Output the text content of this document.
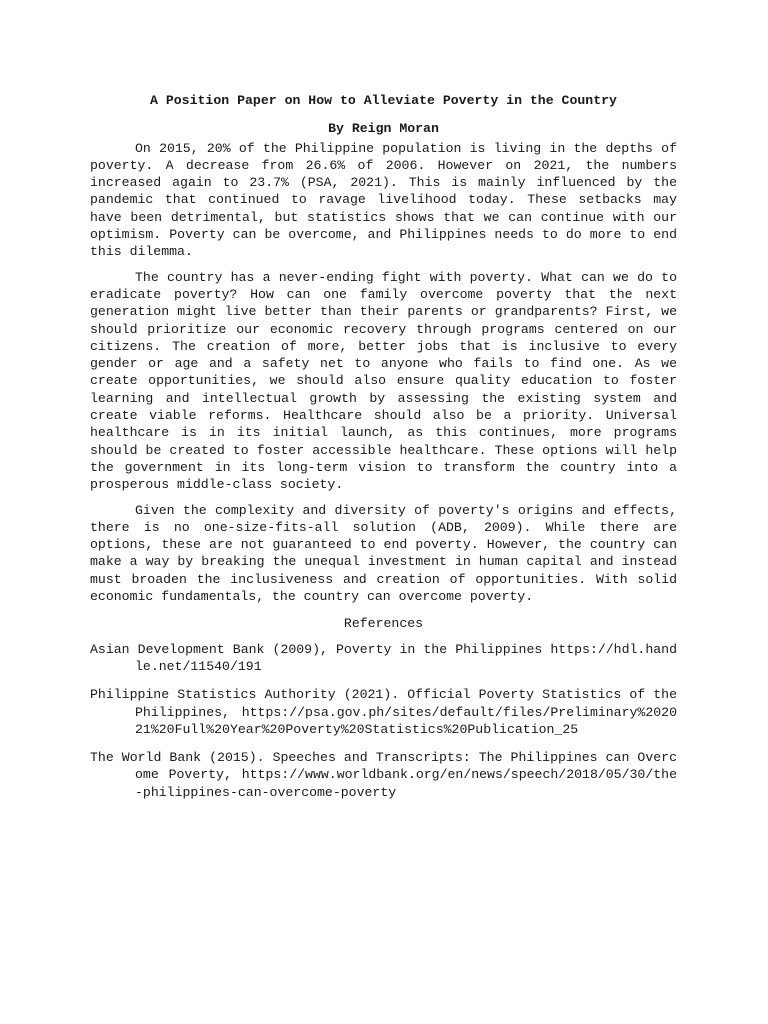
A Position Paper on How to Alleviate Poverty in the Country
By Reign Moran

On 2015, 20% of the Philippine population is living in the depths of poverty. A decrease from 26.6% of 2006. However on 2021, the numbers increased again to 23.7% (PSA, 2021). This is mainly influenced by the pandemic that continued to ravage livelihood today. These setbacks may have been detrimental, but statistics shows that we can continue with our optimism. Poverty can be overcome, and Philippines needs to do more to end this dilemma.

The country has a never-ending fight with poverty. What can we do to eradicate poverty? How can one family overcome poverty that the next generation might live better than their parents or grandparents? First, we should prioritize our economic recovery through programs centered on our citizens. The creation of more, better jobs that is inclusive to every gender or age and a safety net to anyone who fails to find one. As we create opportunities, we should also ensure quality education to foster learning and intellectual growth by assessing the existing system and create viable reforms. Healthcare should also be a priority. Universal healthcare is in its initial launch, as this continues, more programs should be created to foster accessible healthcare. These options will help the government in its long-term vision to transform the country into a prosperous middle-class society.

Given the complexity and diversity of poverty's origins and effects, there is no one-size-fits-all solution (ADB, 2009). While there are options, these are not guaranteed to end poverty. However, the country can make a way by breaking the unequal investment in human capital and instead must broaden the inclusiveness and creation of opportunities. With solid economic fundamentals, the country can overcome poverty.

References

Asian Development Bank (2009), Poverty in the Philippines https://hdl.handle.net/11540/191

Philippine Statistics Authority (2021). Official Poverty Statistics of the Philippines, https://psa.gov.ph/sites/default/files/Preliminary%202021%20Full%20Year%20Poverty%20Statistics%20Publication_25

The World Bank (2015). Speeches and Transcripts: The Philippines can Overcome Poverty, https://www.worldbank.org/en/news/speech/2018/05/30/the-philippines-can-overcome-poverty
